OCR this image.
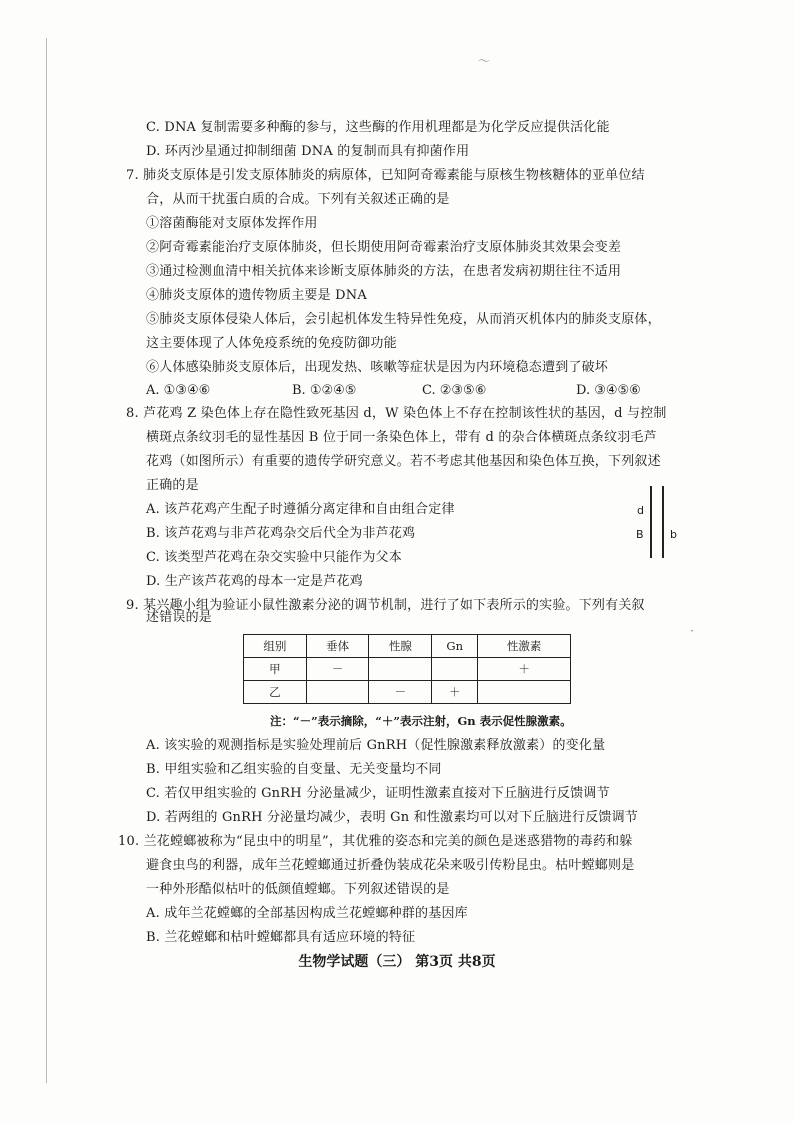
～
·
C. DNA 复制需要多种酶的参与，这些酶的作用机理都是为化学反应提供活化能
D. 环丙沙星通过抑制细菌 DNA 的复制而具有抑菌作用
7. 肺炎支原体是引发支原体肺炎的病原体，已知阿奇霉素能与原核生物核糖体的亚单位结
合，从而干扰蛋白质的合成。下列有关叙述正确的是
①溶菌酶能对支原体发挥作用
②阿奇霉素能治疗支原体肺炎，但长期使用阿奇霉素治疗支原体肺炎其效果会变差
③通过检测血清中相关抗体来诊断支原体肺炎的方法，在患者发病初期往往不适用
④肺炎支原体的遗传物质主要是 DNA
⑤肺炎支原体侵染人体后，会引起机体发生特异性免疫，从而消灭机体内的肺炎支原体，
这主要体现了人体免疫系统的免疫防御功能
⑥人体感染肺炎支原体后，出现发热、咳嗽等症状是因为内环境稳态遭到了破坏
A. ①③④⑥	B. ①②④⑤	C. ②③⑤⑥	D. ③④⑤⑥
8. 芦花鸡 Z 染色体上存在隐性致死基因 d，W 染色体上不存在控制该性状的基因，d 与控制
横斑点条纹羽毛的显性基因 B 位于同一条染色体上，带有 d 的杂合体横斑点条纹羽毛芦
花鸡（如图所示）有重要的遗传学研究意义。若不考虑其他基因和染色体互换，下列叙述
正确的是
A. 该芦花鸡产生配子时遵循分离定律和自由组合定律
B. 该芦花鸡与非芦花鸡杂交后代全为非芦花鸡
C. 该类型芦花鸡在杂交实验中只能作为父本
D. 生产该芦花鸡的母本一定是芦花鸡
d
B b
9. 某兴趣小组为验证小鼠性激素分泌的调节机制，进行了如下表所示的实验。下列有关叙
述错误的是
组别	垂体	性腺	Gn	性激素
甲	－			＋
乙		－	＋	
注：“－”表示摘除，“＋”表示注射，Gn 表示促性腺激素。
A. 该实验的观测指标是实验处理前后 GnRH（促性腺激素释放激素）的变化量
B. 甲组实验和乙组实验的自变量、无关变量均不同
C. 若仅甲组实验的 GnRH 分泌量减少，证明性激素直接对下丘脑进行反馈调节
D. 若两组的 GnRH 分泌量均减少，表明 Gn 和性激素均可以对下丘脑进行反馈调节
10. 兰花螳螂被称为“昆虫中的明星”，其优雅的姿态和完美的颜色是迷惑猎物的毒药和躲
避食虫鸟的利器，成年兰花螳螂通过折叠伪装成花朵来吸引传粉昆虫。枯叶螳螂则是
一种外形酷似枯叶的低颜值螳螂。下列叙述错误的是
A. 成年兰花螳螂的全部基因构成兰花螳螂种群的基因库
B. 兰花螳螂和枯叶螳螂都具有适应环境的特征
生物学试题（三） 第3页 共8页
